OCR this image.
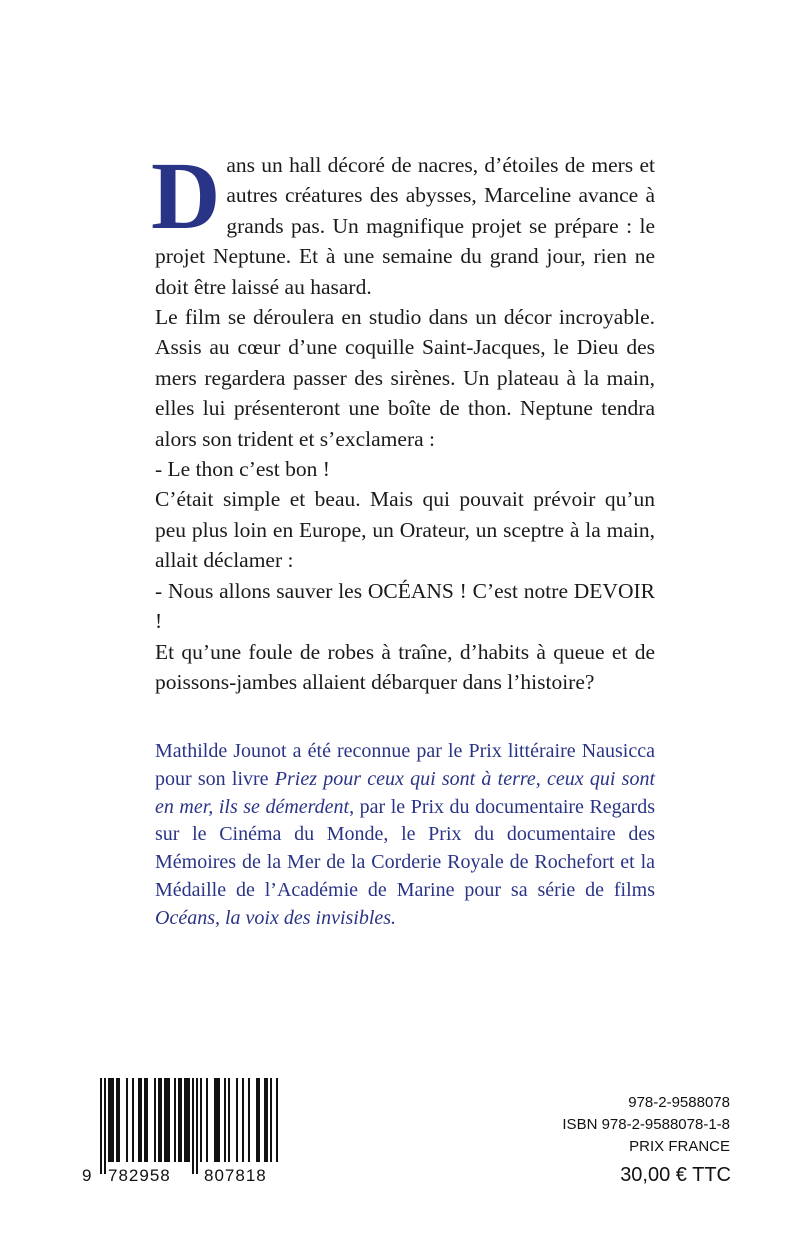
Dans un hall décoré de nacres, d’étoiles de mers et autres créatures des abysses, Marceline avance à grands pas. Un magnifique projet se prépare : le projet Neptune. Et à une semaine du grand jour, rien ne doit être laissé au hasard.

Le film se déroulera en studio dans un décor incroyable. Assis au cœur d’une coquille Saint-Jacques, le Dieu des mers regardera passer des sirènes. Un plateau à la main, elles lui présenteront une boîte de thon. Neptune tendra alors son trident et s’exclamera :

- Le thon c’est bon !

C’était simple et beau. Mais qui pouvait prévoir qu’un peu plus loin en Europe, un Orateur, un sceptre à la main, allait déclamer :

- Nous allons sauver les OCÉANS ! C’est notre DEVOIR !

Et qu’une foule de robes à traîne, d’habits à queue et de poissons-jambes allaient débarquer dans l’histoire?

Mathilde Jounot a été reconnue par le Prix littéraire Nausicca pour son livre Priez pour ceux qui sont à terre, ceux qui sont en mer, ils se démerdent, par le Prix du documentaire Regards sur le Cinéma du Monde, le Prix du documentaire des Mémoires de la Mer de la Corderie Royale de Rochefort et la Médaille de l’Académie de Marine pour sa série de films Océans, la voix des invisibles.

9 782958 807818
978-2-9588078
ISBN 978-2-9588078-1-8
PRIX FRANCE
30,00 € TTC
